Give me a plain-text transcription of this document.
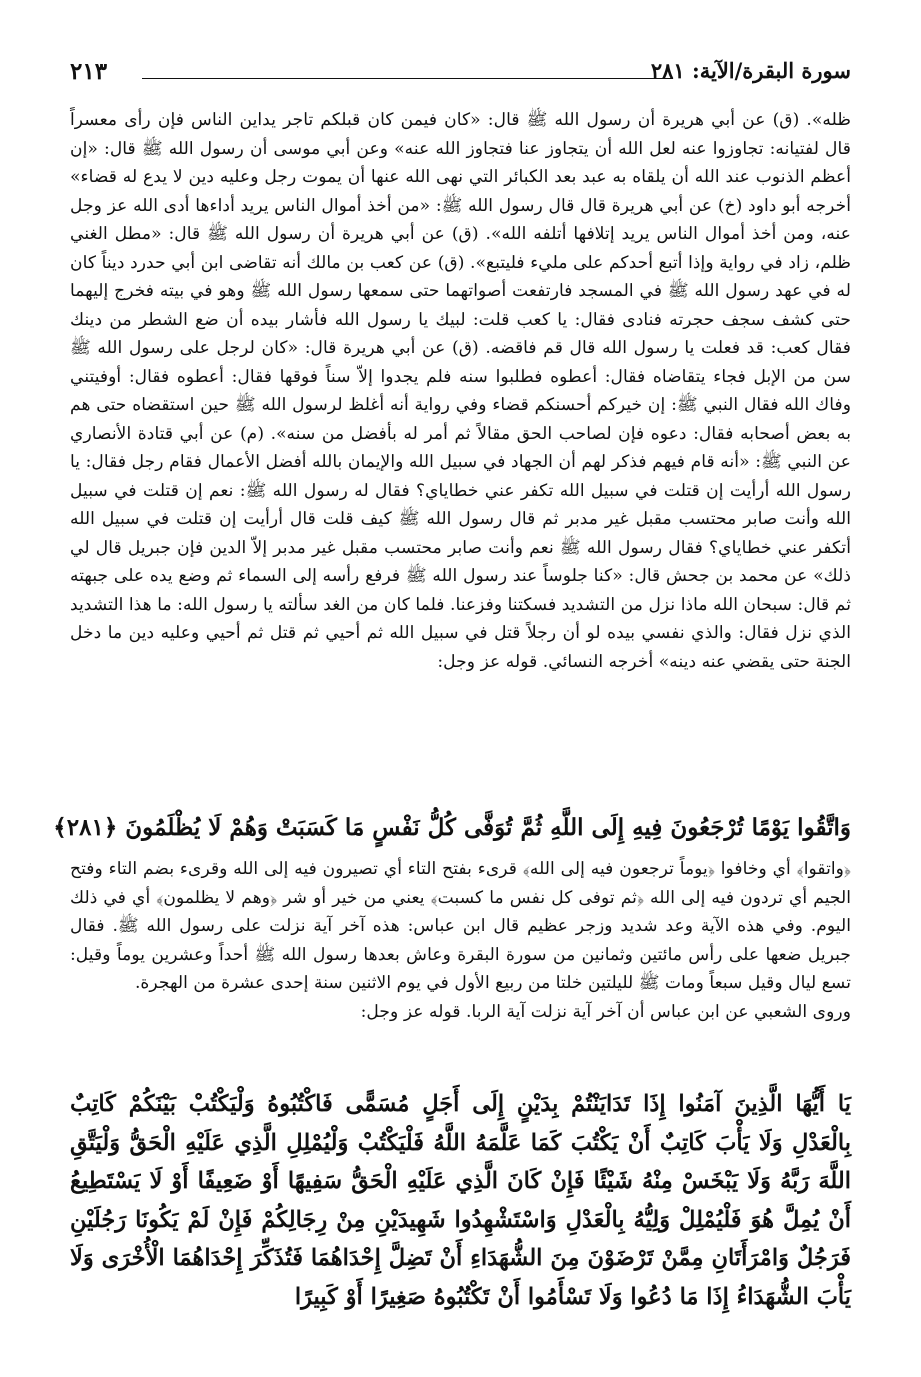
٢١٣	سورة البقرة/الآية: ٢٨١

ظله». (ق) عن أبي هريرة أن رسول الله ﷺ قال: «كان فيمن كان قبلكم تاجر يداين الناس فإن رأى معسراً قال لفتيانه: تجاوزوا عنه لعل الله أن يتجاوز عنا فتجاوز الله عنه» وعن أبي موسى أن رسول الله ﷺ قال: «إن أعظم الذنوب عند الله أن يلقاه به عبد بعد الكبائر التي نهى الله عنها أن يموت رجل وعليه دين لا يدع له قضاء» أخرجه أبو داود (خ) عن أبي هريرة قال قال رسول الله ﷺ: «من أخذ أموال الناس يريد أداءها أدى الله عز وجل عنه، ومن أخذ أموال الناس يريد إتلافها أتلفه الله». (ق) عن أبي هريرة أن رسول الله ﷺ قال: «مطل الغني ظلم، زاد في رواية وإذا أتبع أحدكم على مليء فليتبع». (ق) عن كعب بن مالك أنه تقاضى ابن أبي حدرد ديناً كان له في عهد رسول الله ﷺ في المسجد فارتفعت أصواتهما حتى سمعها رسول الله ﷺ وهو في بيته فخرج إليهما حتى كشف سجف حجرته فنادى فقال: يا كعب قلت: لبيك يا رسول الله فأشار بيده أن ضع الشطر من دينك فقال كعب: قد فعلت يا رسول الله قال قم فاقضه. (ق) عن أبي هريرة قال: «كان لرجل على رسول الله ﷺ سن من الإبل فجاء يتقاضاه فقال: أعطوه فطلبوا سنه فلم يجدوا إلاّ سناً فوقها فقال: أعطوه فقال: أوفيتني وفاك الله فقال النبي ﷺ: إن خيركم أحسنكم قضاء وفي رواية أنه أغلظ لرسول الله ﷺ حين استقضاه حتى هم به بعض أصحابه فقال: دعوه فإن لصاحب الحق مقالاً ثم أمر له بأفضل من سنه». (م) عن أبي قتادة الأنصاري عن النبي ﷺ: «أنه قام فيهم فذكر لهم أن الجهاد في سبيل الله والإيمان بالله أفضل الأعمال فقام رجل فقال: يا رسول الله أرأيت إن قتلت في سبيل الله تكفر عني خطاياي؟ فقال له رسول الله ﷺ: نعم إن قتلت في سبيل الله وأنت صابر محتسب مقبل غير مدبر ثم قال رسول الله ﷺ كيف قلت قال أرأيت إن قتلت في سبيل الله أتكفر عني خطاياي؟ فقال رسول الله ﷺ نعم وأنت صابر محتسب مقبل غير مدبر إلاّ الدين فإن جبريل قال لي ذلك» عن محمد بن جحش قال: «كنا جلوساً عند رسول الله ﷺ فرفع رأسه إلى السماء ثم وضع يده على جبهته ثم قال: سبحان الله ماذا نزل من التشديد فسكتنا وفزعنا. فلما كان من الغد سألته يا رسول الله: ما هذا التشديد الذي نزل فقال: والذي نفسي بيده لو أن رجلاً قتل في سبيل الله ثم أحيي ثم قتل ثم أحيي وعليه دين ما دخل الجنة حتى يقضي عنه دينه» أخرجه النسائي. قوله عز وجل:

وَاتَّقُوا يَوْمًا تُرْجَعُونَ فِيهِ إِلَى اللَّهِ ثُمَّ تُوَفَّى كُلُّ نَفْسٍ مَا كَسَبَتْ وَهُمْ لَا يُظْلَمُونَ ﴿٢٨١﴾

﴿واتقوا﴾ أي وخافوا ﴿يوماً ترجعون فيه إلى الله﴾ قرىء بفتح التاء أي تصيرون فيه إلى الله وقرىء بضم التاء وفتح الجيم أي تردون فيه إلى الله ﴿ثم توفى كل نفس ما كسبت﴾ يعني من خير أو شر ﴿وهم لا يظلمون﴾ أي في ذلك اليوم. وفي هذه الآية وعد شديد وزجر عظيم قال ابن عباس: هذه آخر آية نزلت على رسول الله ﷺ. فقال جبريل ضعها على رأس مائتين وثمانين من سورة البقرة وعاش بعدها رسول الله ﷺ أحداً وعشرين يوماً وقيل: تسع ليال وقيل سبعاً ومات ﷺ لليلتين خلتا من ربيع الأول في يوم الاثنين سنة إحدى عشرة من الهجرة.

وروى الشعبي عن ابن عباس أن آخر آية نزلت آية الربا. قوله عز وجل:

يَا أَيُّهَا الَّذِينَ آمَنُوا إِذَا تَدَايَنْتُمْ بِدَيْنٍ إِلَى أَجَلٍ مُسَمًّى فَاكْتُبُوهُ وَلْيَكْتُبْ بَيْنَكُمْ كَاتِبٌ بِالْعَدْلِ وَلَا يَأْبَ كَاتِبٌ أَنْ يَكْتُبَ كَمَا عَلَّمَهُ اللَّهُ فَلْيَكْتُبْ وَلْيُمْلِلِ الَّذِي عَلَيْهِ الْحَقُّ وَلْيَتَّقِ اللَّهَ رَبَّهُ وَلَا يَبْخَسْ مِنْهُ شَيْئًا فَإِنْ كَانَ الَّذِي عَلَيْهِ الْحَقُّ سَفِيهًا أَوْ ضَعِيفًا أَوْ لَا يَسْتَطِيعُ أَنْ يُمِلَّ هُوَ فَلْيُمْلِلْ وَلِيُّهُ بِالْعَدْلِ وَاسْتَشْهِدُوا شَهِيدَيْنِ مِنْ رِجَالِكُمْ فَإِنْ لَمْ يَكُونَا رَجُلَيْنِ فَرَجُلٌ وَامْرَأَتَانِ مِمَّنْ تَرْضَوْنَ مِنَ الشُّهَدَاءِ أَنْ تَضِلَّ إِحْدَاهُمَا فَتُذَكِّرَ إِحْدَاهُمَا الْأُخْرَى وَلَا يَأْبَ الشُّهَدَاءُ إِذَا مَا دُعُوا وَلَا تَسْأَمُوا أَنْ تَكْتُبُوهُ صَغِيرًا أَوْ كَبِيرًا
